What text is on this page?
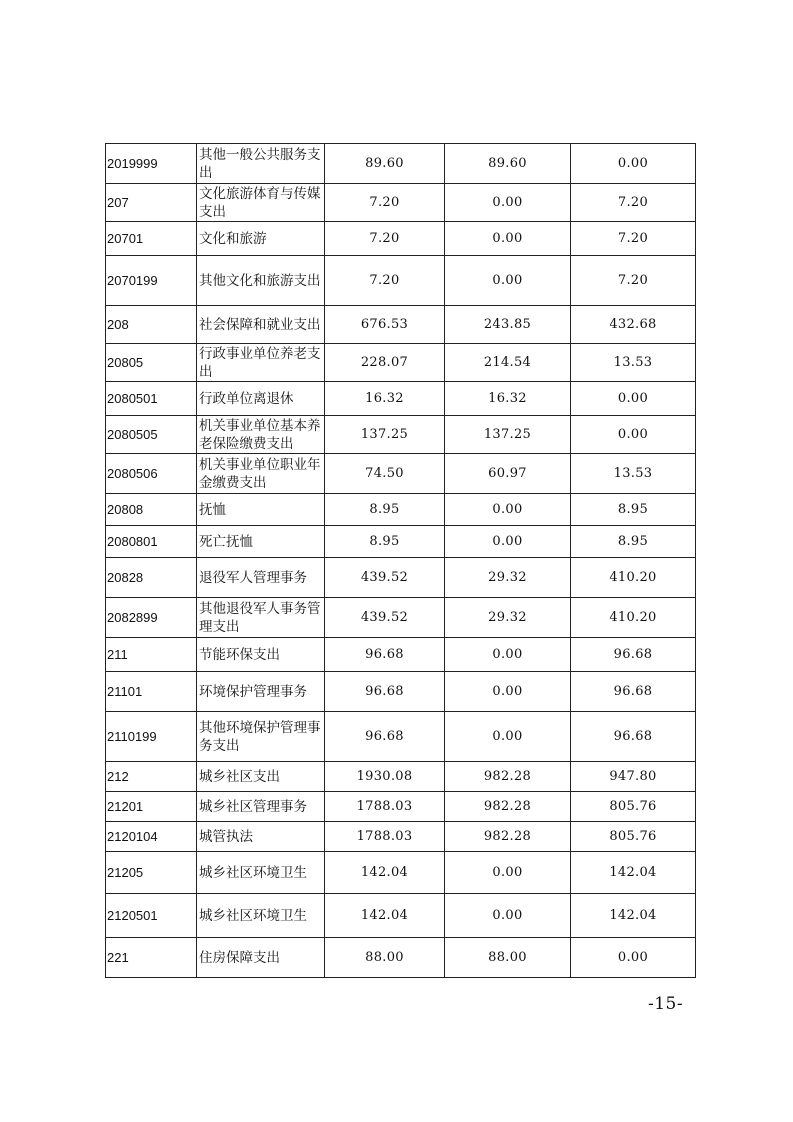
2019999	其他一般公共服务支出	89.60	89.60	0.00
207	文化旅游体育与传媒支出	7.20	0.00	7.20
20701	文化和旅游	7.20	0.00	7.20
2070199	其他文化和旅游支出	7.20	0.00	7.20
208	社会保障和就业支出	676.53	243.85	432.68
20805	行政事业单位养老支出	228.07	214.54	13.53
2080501	行政单位离退休	16.32	16.32	0.00
2080505	机关事业单位基本养老保险缴费支出	137.25	137.25	0.00
2080506	机关事业单位职业年金缴费支出	74.50	60.97	13.53
20808	抚恤	8.95	0.00	8.95
2080801	死亡抚恤	8.95	0.00	8.95
20828	退役军人管理事务	439.52	29.32	410.20
2082899	其他退役军人事务管理支出	439.52	29.32	410.20
211	节能环保支出	96.68	0.00	96.68
21101	环境保护管理事务	96.68	0.00	96.68
2110199	其他环境保护管理事务支出	96.68	0.00	96.68
212	城乡社区支出	1930.08	982.28	947.80
21201	城乡社区管理事务	1788.03	982.28	805.76
2120104	城管执法	1788.03	982.28	805.76
21205	城乡社区环境卫生	142.04	0.00	142.04
2120501	城乡社区环境卫生	142.04	0.00	142.04
221	住房保障支出	88.00	88.00	0.00
-15-
